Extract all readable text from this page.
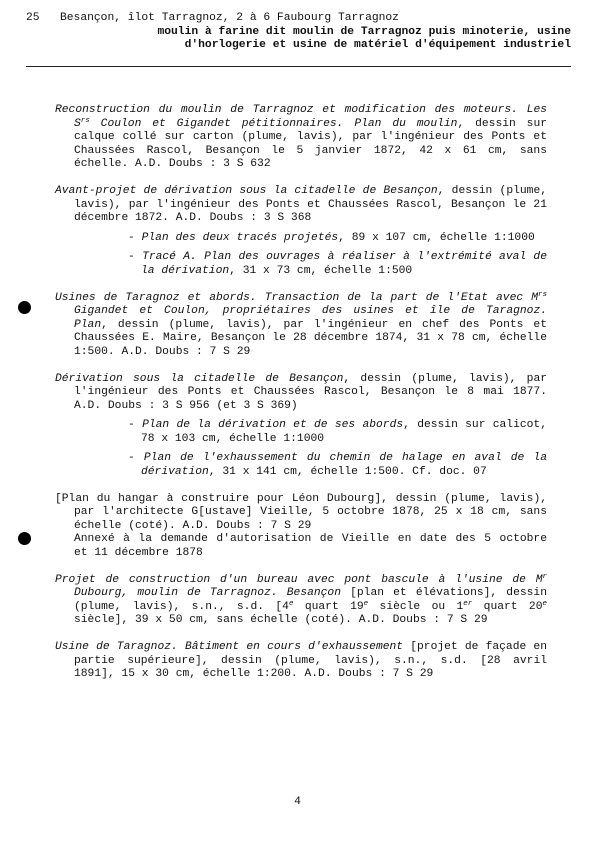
25 Besançon, îlot Tarragnoz, 2 à 6 Faubourg Tarragnoz
moulin à farine dit moulin de Tarragnoz puis minoterie, usine
d'horlogerie et usine de matériel d'équipement industriel

Reconstruction du moulin de Tarragnoz et modification des moteurs. Les $S^{rs}$ Coulon et Gigandet pétitionnaires. Plan du moulin, dessin sur calque collé sur carton (plume, lavis), par l'ingénieur des Ponts et Chaussées Rascol, Besançon le 5 janvier 1872, 42 x 61 cm, sans échelle. A.D. Doubs : 3 S 632

Avant-projet de dérivation sous la citadelle de Besançon, dessin (plume, lavis), par l'ingénieur des Ponts et Chaussées Rascol, Besançon le 21 décembre 1872. A.D. Doubs : 3 S 368

- Plan des deux tracés projetés, 89 x 107 cm, échelle 1:1000
- Tracé A. Plan des ouvrages à réaliser à l'extrémité aval de la dérivation, 31 x 73 cm, échelle 1:500

Usines de Taragnoz et abords. Transaction de la part de l'Etat avec $M^{rs}$ Gigandet et Coulon, propriétaires des usines et île de Taragnoz. Plan, dessin (plume, lavis), par l'ingénieur en chef des Ponts et Chaussées E. Maire, Besançon le 28 décembre 1874, 31 x 78 cm, échelle 1:500. A.D. Doubs : 7 S 29

Dérivation sous la citadelle de Besançon, dessin (plume, lavis), par l'ingénieur des Ponts et Chaussées Rascol, Besançon le 8 mai 1877. A.D. Doubs : 3 S 956 (et 3 S 369)

- Plan de la dérivation et de ses abords, dessin sur calicot, 78 x 103 cm, échelle 1:1000
- Plan de l'exhaussement du chemin de halage en aval de la dérivation, 31 x 141 cm, échelle 1:500. Cf. doc. 07

[Plan du hangar à construire pour Léon Dubourg], dessin (plume, lavis), par l'architecte G[ustave] Vieille, 5 octobre 1878, 25 x 18 cm, sans échelle (coté). A.D. Doubs : 7 S 29

Annexé à la demande d'autorisation de Vieille en date des 5 octobre et 11 décembre 1878

Projet de construction d'un bureau avec pont bascule à l'usine de $M^r$ Dubourg, moulin de Tarragnoz. Besançon [plan et élévations], dessin (plume, lavis), s.n., s.d. [4e quart 19e siècle ou 1er quart 20e siècle], 39 x 50 cm, sans échelle (coté). A.D. Doubs : 7 S 29

Usine de Taragnoz. Bâtiment en cours d'exhaussement [projet de façade en partie supérieure], dessin (plume, lavis), s.n., s.d. [28 avril 1891], 15 x 30 cm, échelle 1:200. A.D. Doubs : 7 S 29

4
